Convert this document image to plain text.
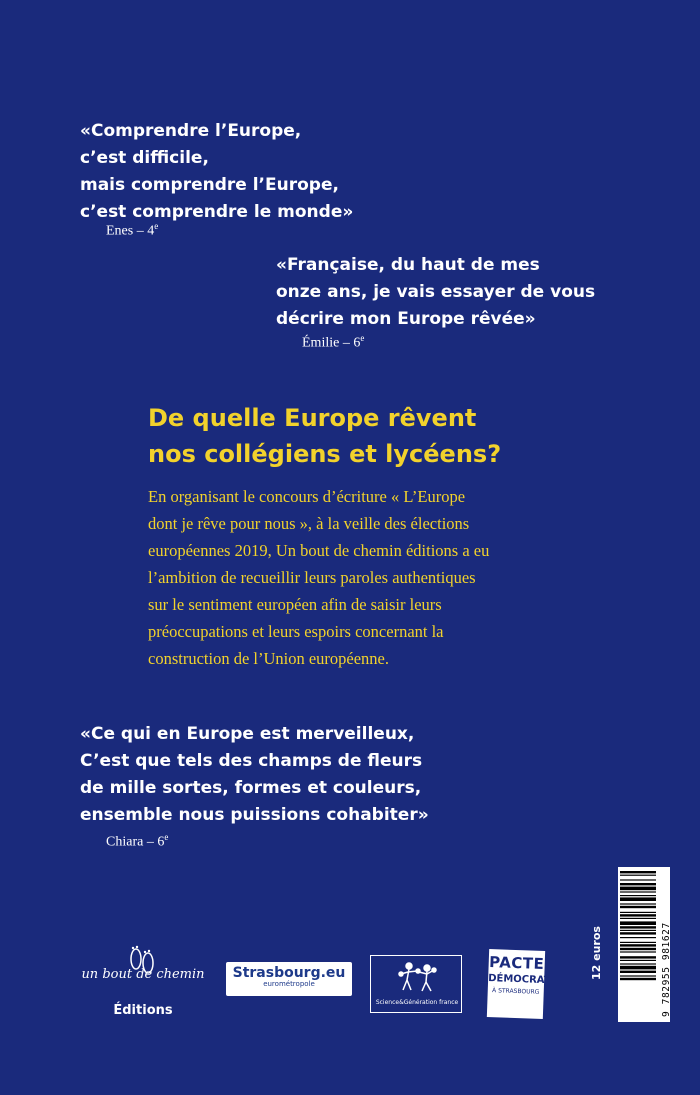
«Comprendre l’Europe,
c’est difficile,
mais comprendre l’Europe,
c’est comprendre le monde»
Enes – 4e
«Française, du haut de mes
onze ans, je vais essayer de vous
décrire mon Europe rêvée»
Émilie – 6e
De quelle Europe rêvent
nos collégiens et lycéens?
En organisant le concours d’écriture « L’Europe
dont je rêve pour nous », à la veille des élections
européennes 2019, Un bout de chemin éditions a eu
l’ambition de recueillir leurs paroles authentiques
sur le sentiment européen afin de saisir leurs
préoccupations et leurs espoirs concernant la
construction de l’Union européenne.
«Ce qui en Europe est merveilleux,
C’est que tels des champs de fleurs
de mille sortes, formes et couleurs,
ensemble nous puissions cohabiter»
Chiara – 6e
un bout de chemin
Éditions
Strasbourg.eu
eurométropole
Science&Génération france
PACTE
DÉMOCRATIE
À STRASBOURG
12 euros	9 782955 981627
